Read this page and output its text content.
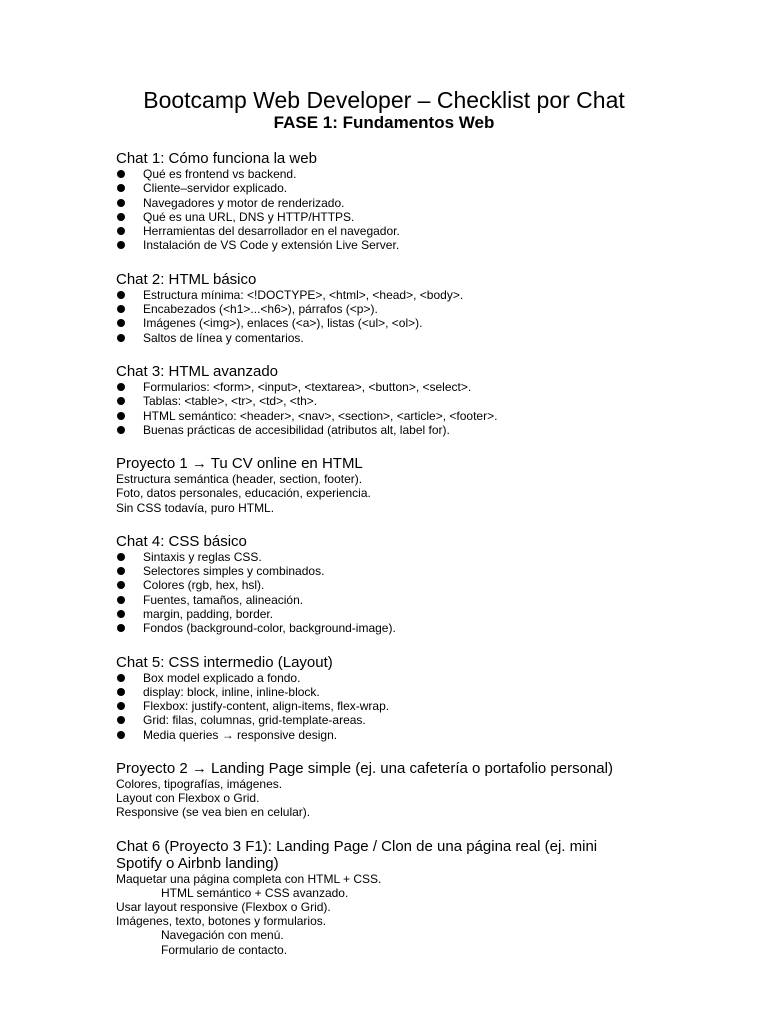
Bootcamp Web Developer – Checklist por Chat
FASE 1: Fundamentos Web
Chat 1: Cómo funciona la web
Qué es frontend vs backend.
Cliente–servidor explicado.
Navegadores y motor de renderizado.
Qué es una URL, DNS y HTTP/HTTPS.
Herramientas del desarrollador en el navegador.
Instalación de VS Code y extensión Live Server.
Chat 2: HTML básico
Estructura mínima: <!DOCTYPE>, <html>, <head>, <body>.
Encabezados (<h1>...<h6>), párrafos (<p>).
Imágenes (<img>), enlaces (<a>), listas (<ul>, <ol>).
Saltos de línea y comentarios.
Chat 3: HTML avanzado
Formularios: <form>, <input>, <textarea>, <button>, <select>.
Tablas: <table>, <tr>, <td>, <th>.
HTML semántico: <header>, <nav>, <section>, <article>, <footer>.
Buenas prácticas de accesibilidad (atributos alt, label for).
Proyecto 1 → Tu CV online en HTML
Estructura semántica (header, section, footer).
Foto, datos personales, educación, experiencia.
Sin CSS todavía, puro HTML.
Chat 4: CSS básico
Sintaxis y reglas CSS.
Selectores simples y combinados.
Colores (rgb, hex, hsl).
Fuentes, tamaños, alineación.
margin, padding, border.
Fondos (background-color, background-image).
Chat 5: CSS intermedio (Layout)
Box model explicado a fondo.
display: block, inline, inline-block.
Flexbox: justify-content, align-items, flex-wrap.
Grid: filas, columnas, grid-template-areas.
Media queries → responsive design.
Proyecto 2 → Landing Page simple (ej. una cafetería o portafolio personal)
Colores, tipografías, imágenes.
Layout con Flexbox o Grid.
Responsive (se vea bien en celular).
Chat 6 (Proyecto 3 F1): Landing Page / Clon de una página real (ej. mini Spotify o Airbnb landing)
Maquetar una página completa con HTML + CSS.
HTML semántico + CSS avanzado.
Usar layout responsive (Flexbox o Grid).
Imágenes, texto, botones y formularios.
Navegación con menú.
Formulario de contacto.
